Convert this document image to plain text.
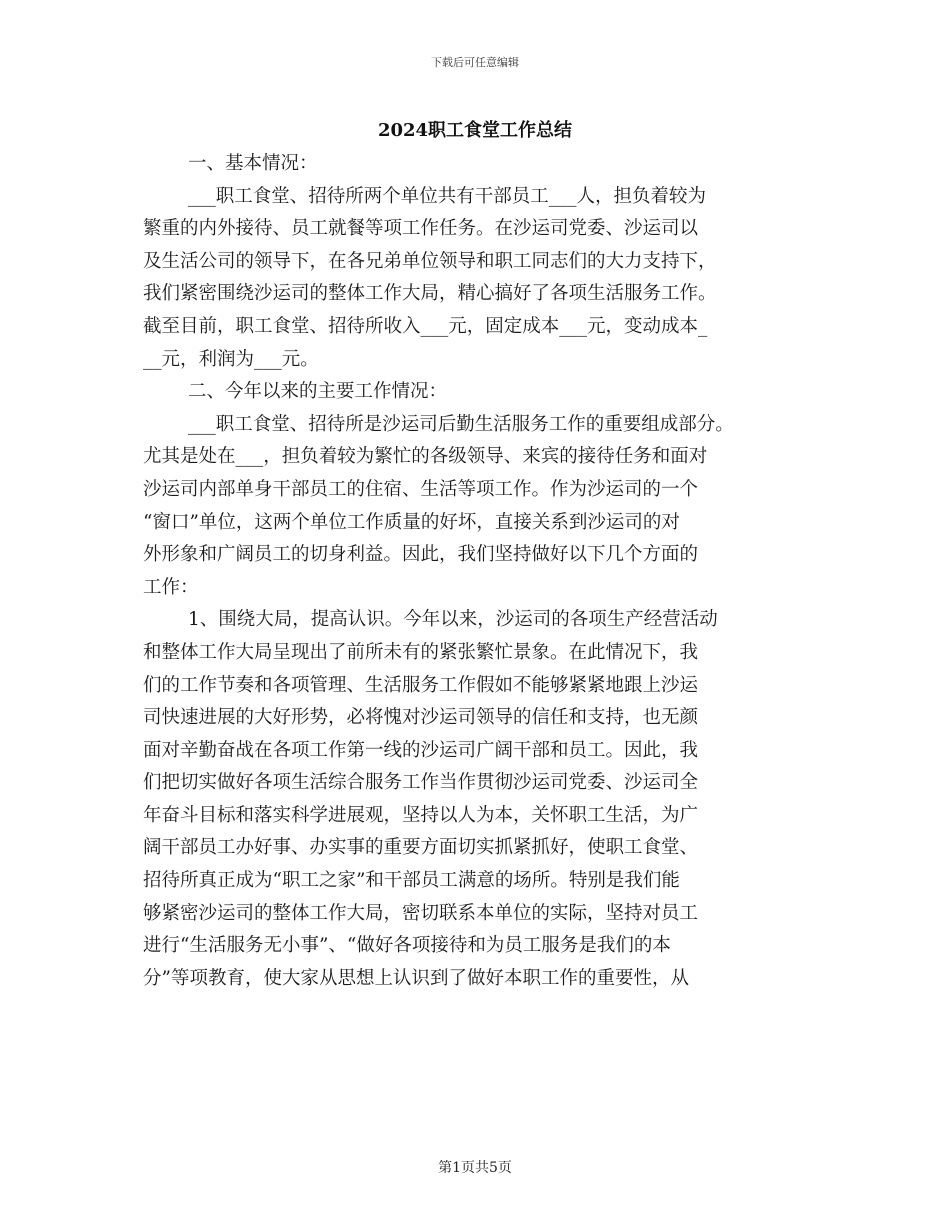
下载后可任意编辑
2024职工食堂工作总结
一、基本情况：
___职工食堂、招待所两个单位共有干部员工___人，担负着较为
繁重的内外接待、员工就餐等项工作任务。在沙运司党委、沙运司以
及生活公司的领导下，在各兄弟单位领导和职工同志们的大力支持下，
我们紧密围绕沙运司的整体工作大局，精心搞好了各项生活服务工作。
截至目前，职工食堂、招待所收入___元，固定成本___元，变动成本_
__元，利润为___元。
二、今年以来的主要工作情况：
___职工食堂、招待所是沙运司后勤生活服务工作的重要组成部分。
尤其是处在___，担负着较为繁忙的各级领导、来宾的接待任务和面对
沙运司内部单身干部员工的住宿、生活等项工作。作为沙运司的一个
“窗口”单位，这两个单位工作质量的好坏，直接关系到沙运司的对
外形象和广阔员工的切身利益。因此，我们坚持做好以下几个方面的
工作：
1、围绕大局，提高认识。今年以来，沙运司的各项生产经营活动
和整体工作大局呈现出了前所未有的紧张繁忙景象。在此情况下，我
们的工作节奏和各项管理、生活服务工作假如不能够紧紧地跟上沙运
司快速进展的大好形势，必将愧对沙运司领导的信任和支持，也无颜
面对辛勤奋战在各项工作第一线的沙运司广阔干部和员工。因此，我
们把切实做好各项生活综合服务工作当作贯彻沙运司党委、沙运司全
年奋斗目标和落实科学进展观，坚持以人为本，关怀职工生活，为广
阔干部员工办好事、办实事的重要方面切实抓紧抓好，使职工食堂、
招待所真正成为“职工之家”和干部员工满意的场所。特别是我们能
够紧密沙运司的整体工作大局，密切联系本单位的实际，坚持对员工
进行“生活服务无小事”、“做好各项接待和为员工服务是我们的本
分”等项教育，使大家从思想上认识到了做好本职工作的重要性，从
第1页共5页
